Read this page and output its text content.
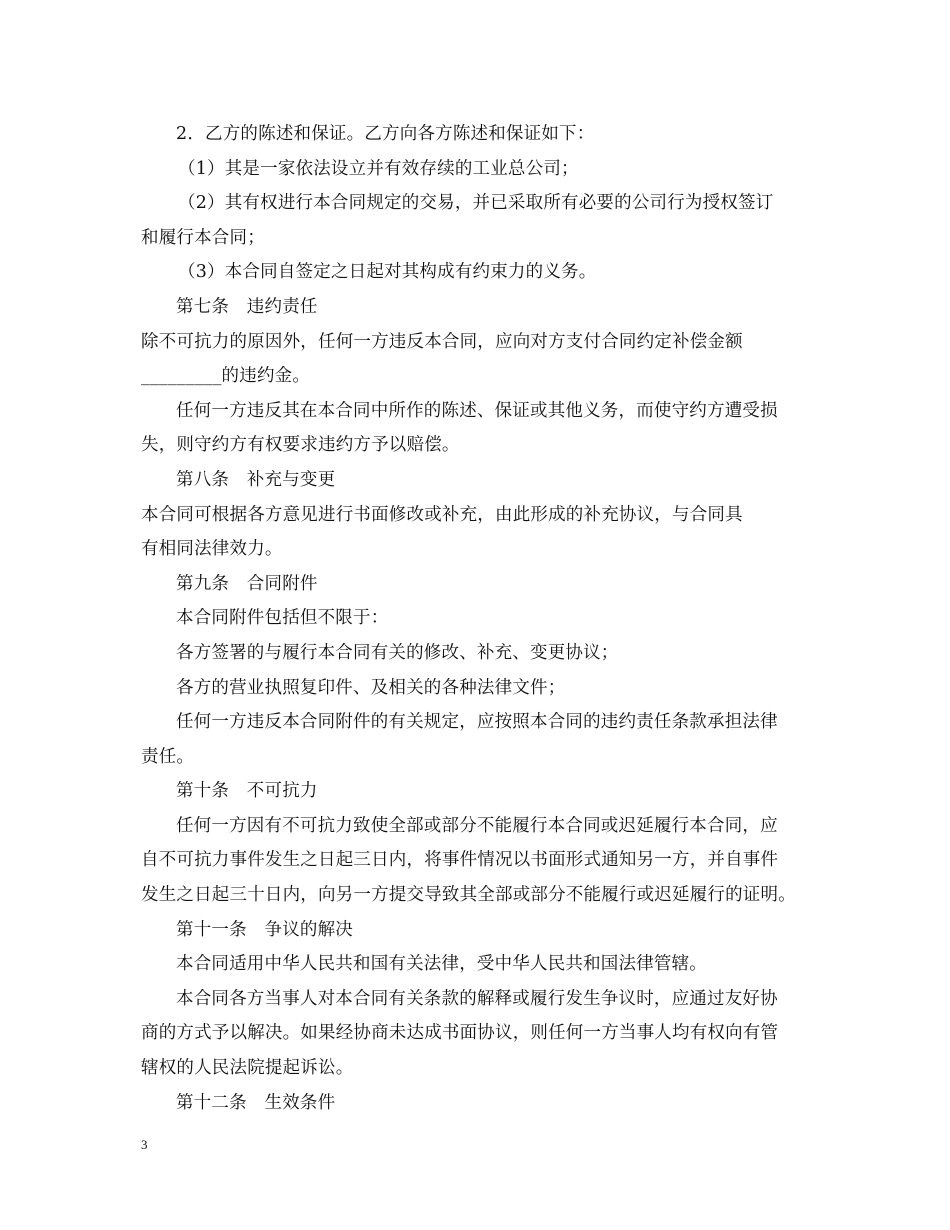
2．乙方的陈述和保证。乙方向各方陈述和保证如下：
（1）其是一家依法设立并有效存续的工业总公司；
（2）其有权进行本合同规定的交易，并已采取所有必要的公司行为授权签订
和履行本合同；
（3）本合同自签定之日起对其构成有约束力的义务。
第七条　违约责任
除不可抗力的原因外，任何一方违反本合同，应向对方支付合同约定补偿金额
_________的违约金。
任何一方违反其在本合同中所作的陈述、保证或其他义务，而使守约方遭受损
失，则守约方有权要求违约方予以赔偿。
第八条　补充与变更
本合同可根据各方意见进行书面修改或补充，由此形成的补充协议，与合同具
有相同法律效力。
第九条　合同附件
本合同附件包括但不限于：
各方签署的与履行本合同有关的修改、补充、变更协议；
各方的营业执照复印件、及相关的各种法律文件；
任何一方违反本合同附件的有关规定，应按照本合同的违约责任条款承担法律
责任。
第十条　不可抗力
任何一方因有不可抗力致使全部或部分不能履行本合同或迟延履行本合同，应
自不可抗力事件发生之日起三日内，将事件情况以书面形式通知另一方，并自事件
发生之日起三十日内，向另一方提交导致其全部或部分不能履行或迟延履行的证明。
第十一条　争议的解决
本合同适用中华人民共和国有关法律，受中华人民共和国法律管辖。
本合同各方当事人对本合同有关条款的解释或履行发生争议时，应通过友好协
商的方式予以解决。如果经协商未达成书面协议，则任何一方当事人均有权向有管
辖权的人民法院提起诉讼。
第十二条　生效条件
3
